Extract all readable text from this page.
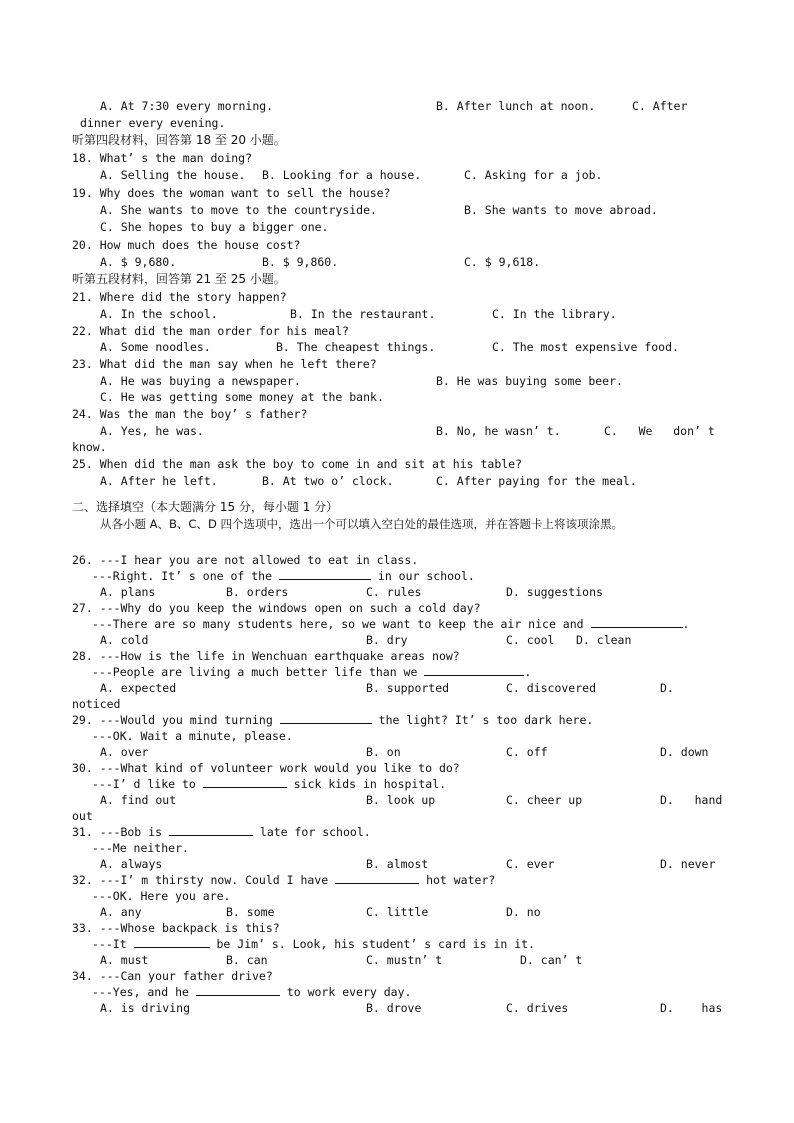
A. At 7:30 every morning.	B. After lunch at noon.	C. After
dinner every evening.
听第四段材料，回答第 18 至 20 小题。
18. What’ s the man doing?
A. Selling the house. B. Looking for a house.	C. Asking for a job.
19. Why does the woman want to sell the house?
A. She wants to move to the countryside.	B. She wants to move abroad.
C. She hopes to buy a bigger one.
20. How much does the house cost?
A. $ 9,680.	B. $ 9,860.	C. $ 9,618.
听第五段材料，回答第 21 至 25 小题。
21. Where did the story happen?
A. In the school.	B. In the restaurant.	C. In the library.
22. What did the man order for his meal?
A. Some noodles.	B. The cheapest things.	C. The most expensive food.
23. What did the man say when he left there?
A. He was buying a newspaper.	B. He was buying some beer.
C. He was getting some money at the bank.
24. Was the man the boy’ s father?
A. Yes, he was.	B. No, he wasn’ t.	C.   We   don’ t
know.
25. When did the man ask the boy to come in and sit at his table?
A. After he left.	B. At two o’ clock.	C. After paying for the meal.
二、选择填空（本大题满分 15 分，每小题 1 分）
从各小题 A、B、C、D 四个选项中，选出一个可以填入空白处的最佳选项，并在答题卡上将该项涂黑。
26. ---I hear you are not allowed to eat in class.
---Right. It’ s one of the	in our school.
A. plans	B. orders	C. rules	D. suggestions
27. ---Why do you keep the windows open on such a cold day?
---There are so many students here, so we want to keep the air nice and	.
A. cold	B. dry	C. cool D. clean
28. ---How is the life in Wenchuan earthquake areas now?
---People are living a much better life than we	.
A. expected	B. supported	C. discovered	D.
noticed
29. ---Would you mind turning	the light? It’ s too dark here.
---OK. Wait a minute, please.
A. over	B. on	C. off	D. down
30. ---What kind of volunteer work would you like to do?
---I’ d like to	sick kids in hospital.
A. find out	B. look up	C. cheer up	D.   hand
out
31. ---Bob is	late for school.
---Me neither.
A. always	B. almost	C. ever	D. never
32. ---I’ m thirsty now. Could I have	hot water?
---OK. Here you are.
A. any	B. some	C. little	D. no
33. ---Whose backpack is this?
---It	be Jim’ s. Look, his student’ s card is in it.
A. must	B. can	C. mustn’ t	D. can’ t
34. ---Can your father drive?
---Yes, and he	to work every day.
A. is driving	B. drove	C. drives	D.    has
